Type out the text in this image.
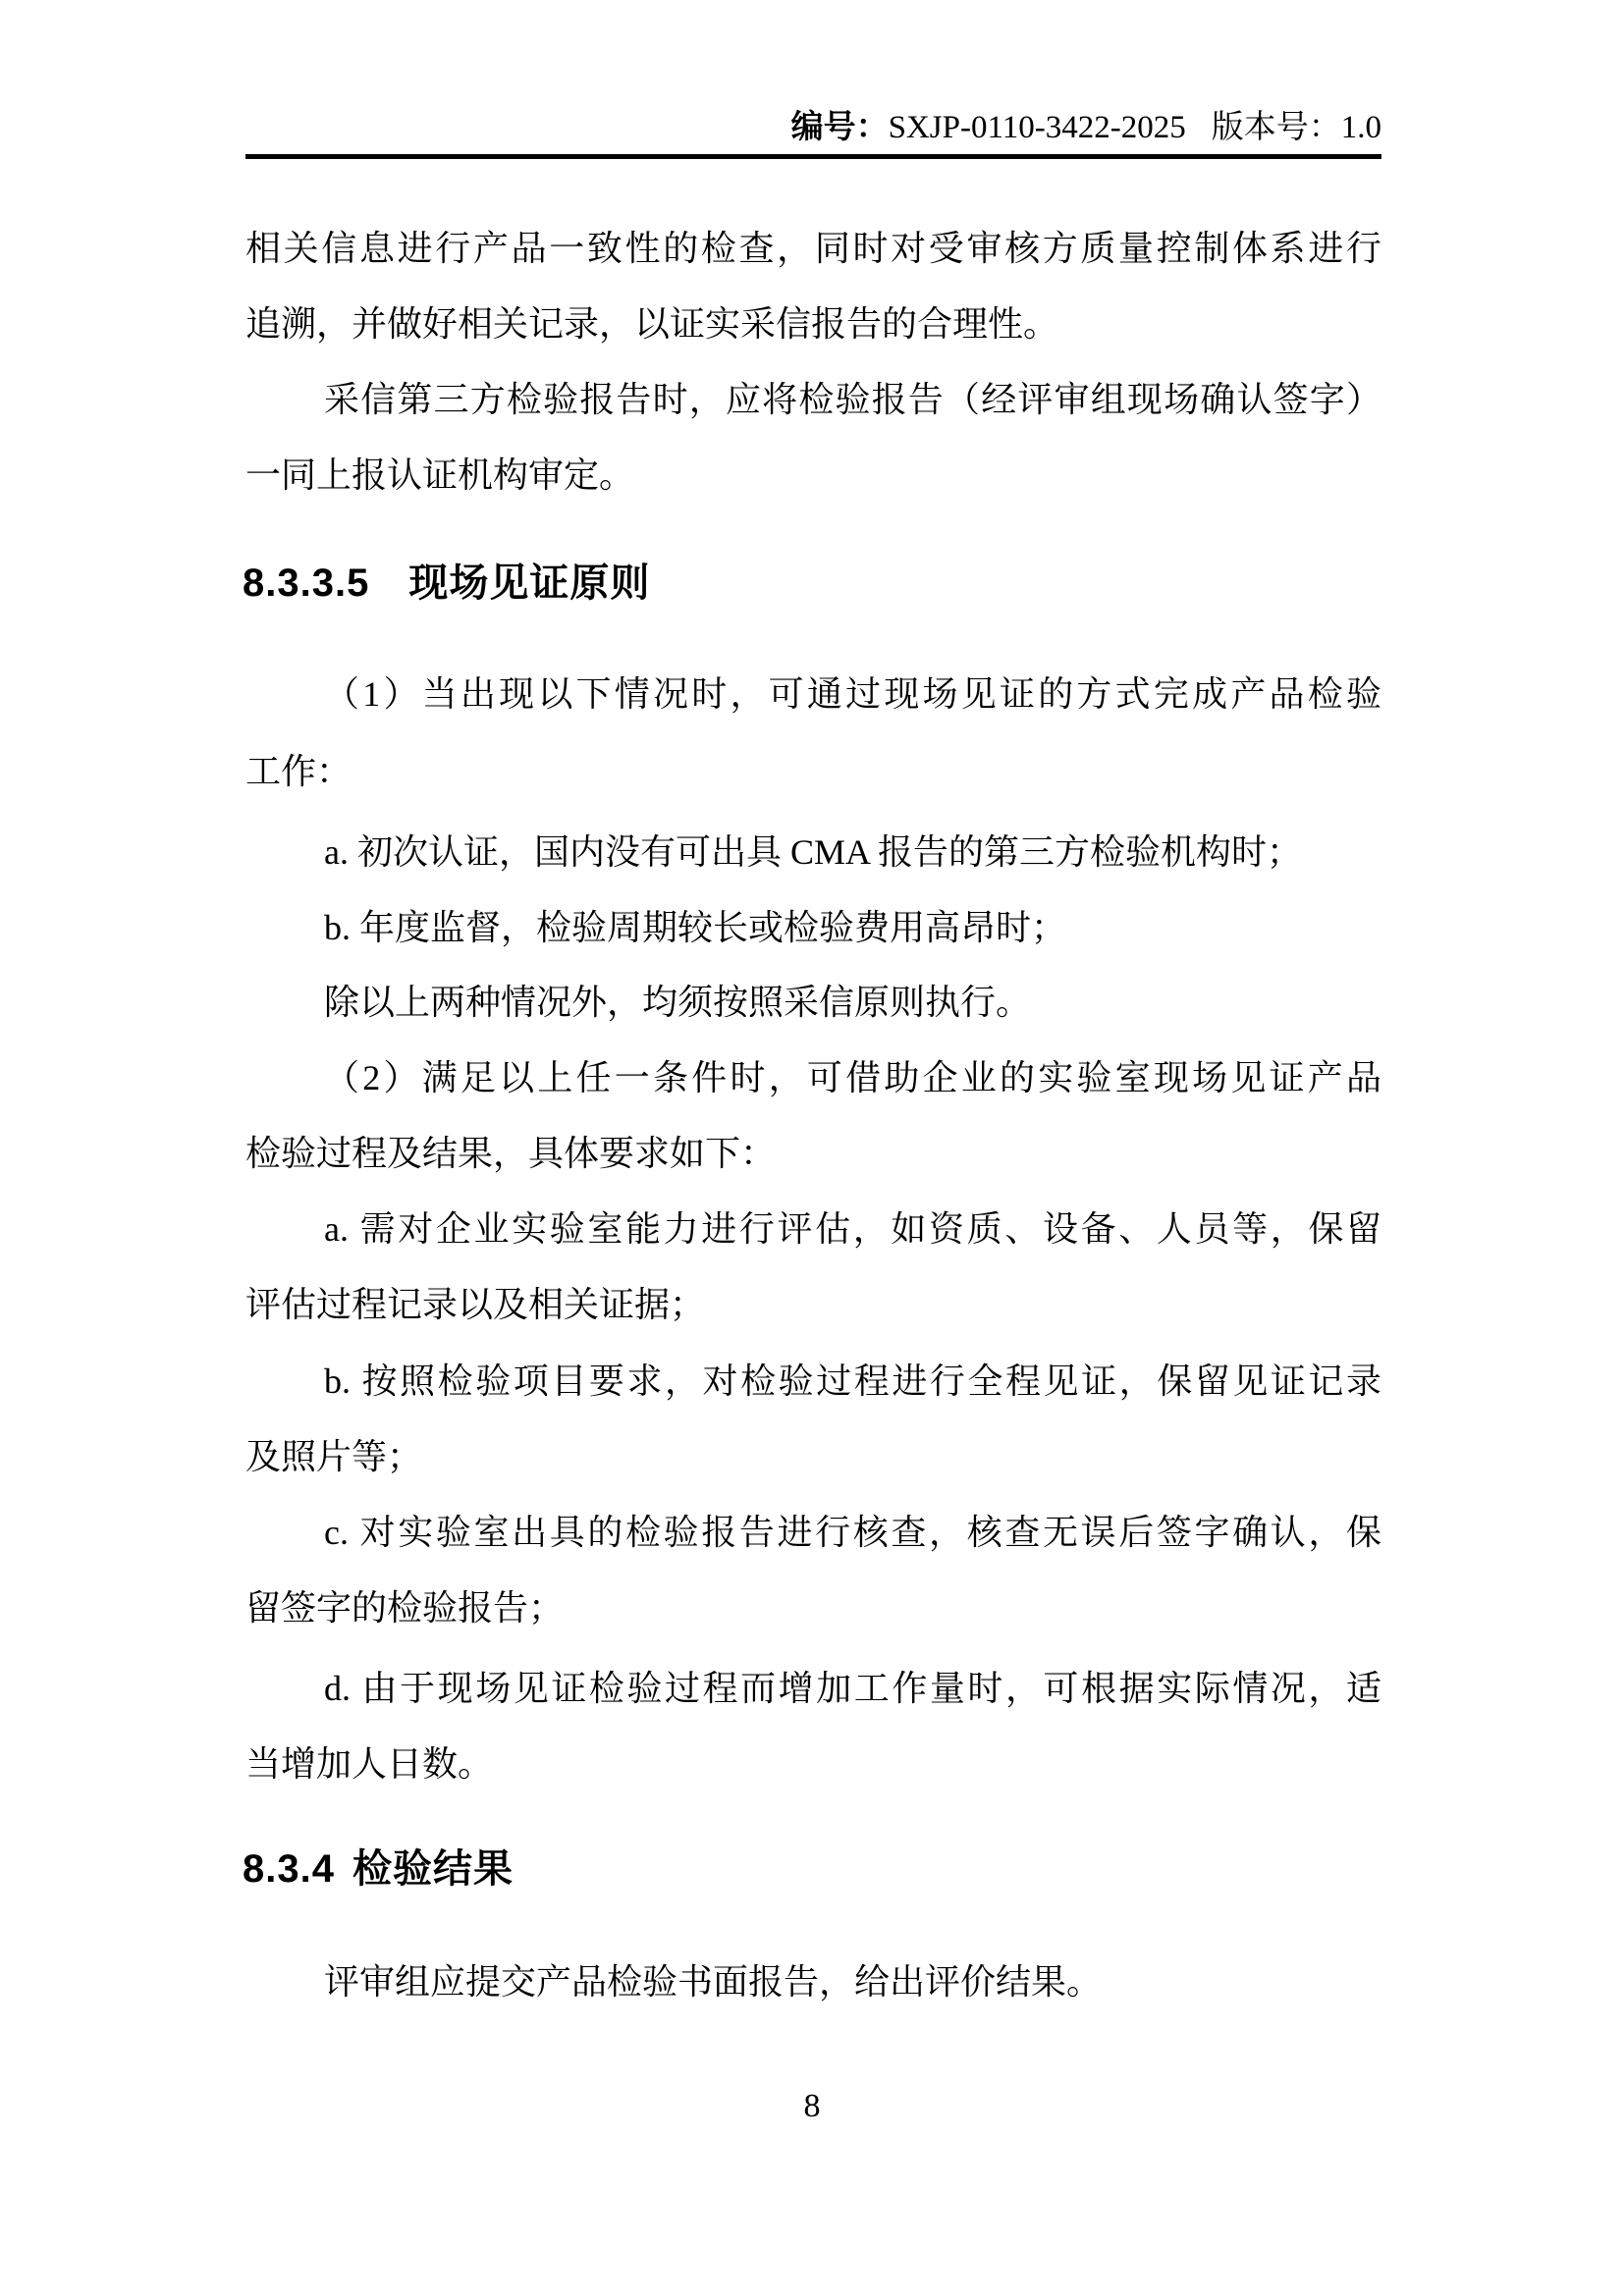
编号：SXJP-0110-3422-2025 版本号：1.0
相关信息进行产品一致性的检查，同时对受审核方质量控制体系进行
追溯，并做好相关记录，以证实采信报告的合理性。
采信第三方检验报告时，应将检验报告（经评审组现场确认签字）
一同上报认证机构审定。
8.3.3.5 现场见证原则
（1）当出现以下情况时，可通过现场见证的方式完成产品检验
工作：
a. 初次认证，国内没有可出具 CMA 报告的第三方检验机构时；
b. 年度监督，检验周期较长或检验费用高昂时；
除以上两种情况外，均须按照采信原则执行。
（2）满足以上任一条件时，可借助企业的实验室现场见证产品
检验过程及结果，具体要求如下：
a. 需对企业实验室能力进行评估，如资质、设备、人员等，保留
评估过程记录以及相关证据；
b. 按照检验项目要求，对检验过程进行全程见证，保留见证记录
及照片等；
c. 对实验室出具的检验报告进行核查，核查无误后签字确认，保
留签字的检验报告；
d. 由于现场见证检验过程而增加工作量时，可根据实际情况，适
当增加人日数。
8.3.4 检验结果
评审组应提交产品检验书面报告，给出评价结果。
8
